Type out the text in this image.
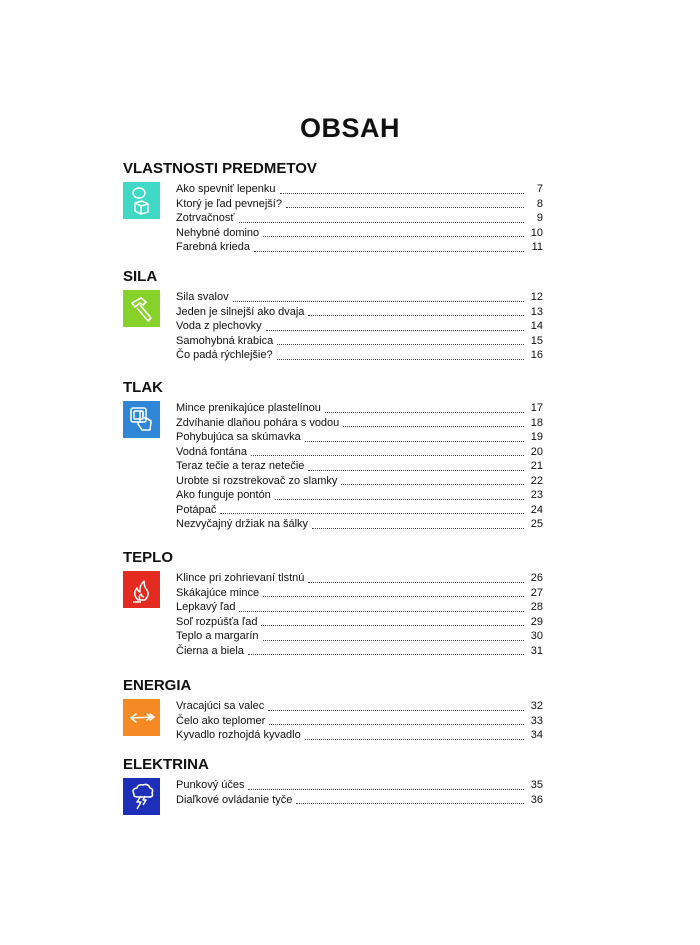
OBSAH
VLASTNOSTI PREDMETOV
Ako spevniť lepenku	7
Ktorý je ľad pevnejší?	8
Zotrvačnosť	9
Nehybné domino	10
Farebná krieda	11
SILA
Sila svalov	12
Jeden je silnejší ako dvaja	13
Voda z plechovky	14
Samohybná krabica	15
Čo padá rýchlejšie?	16
TLAK
Mince prenikajúce plastelínou	17
Zdvíhanie dlaňou pohára s vodou	18
Pohybujúca sa skúmavka	19
Vodná fontána	20
Teraz tečie a teraz netečie	21
Urobte si rozstrekovač zo slamky	22
Ako funguje pontón	23
Potápač	24
Nezvyčajný držiak na šálky	25
TEPLO
Klince pri zohrievaní tlstnú	26
Skákajúce mince	27
Lepkavý ľad	28
Soľ rozpúšťa ľad	29
Teplo a margarín	30
Čierna a biela	31
ENERGIA
Vracajúci sa valec	32
Čelo ako teplomer	33
Kyvadlo rozhojdá kyvadlo	34
ELEKTRINA
Punkový účes	35
Diaľkové ovládanie tyče	36
